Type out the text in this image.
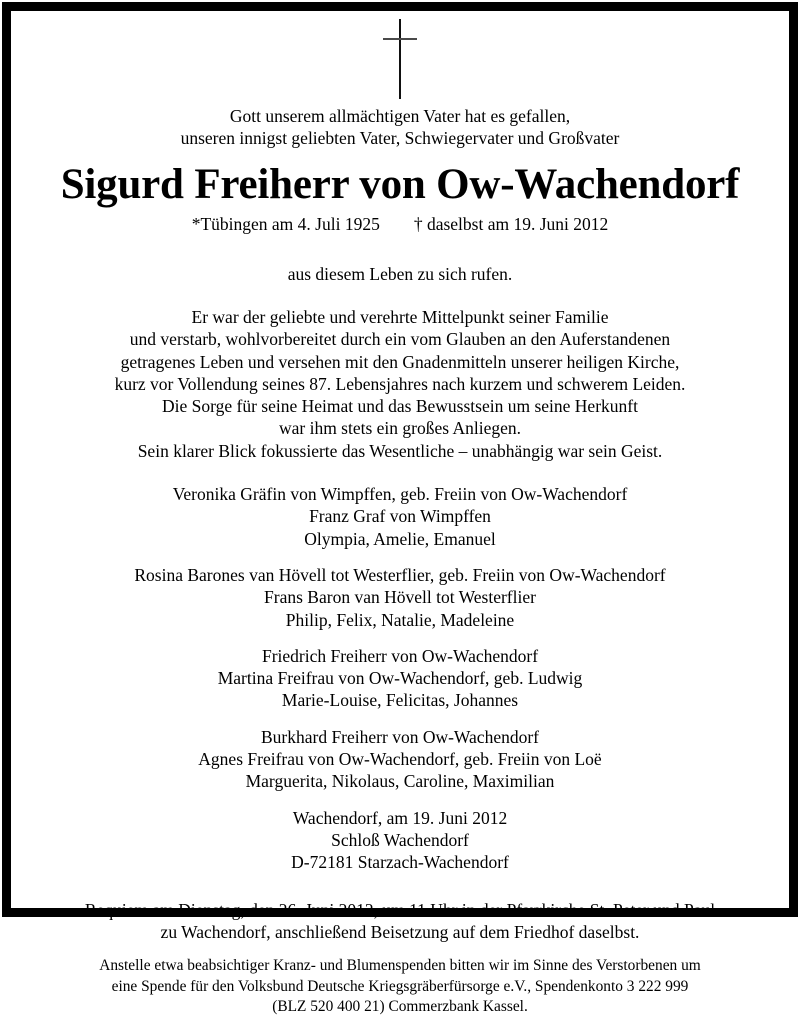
Gott unserem allmächtigen Vater hat es gefallen,
unseren innigst geliebten Vater, Schwiegervater und Großvater
Sigurd Freiherr von Ow-Wachendorf
*Tübingen am 4. Juli 1925 † daselbst am 19. Juni 2012
aus diesem Leben zu sich rufen.
Er war der geliebte und verehrte Mittelpunkt seiner Familie
und verstarb, wohlvorbereitet durch ein vom Glauben an den Auferstandenen
getragenes Leben und versehen mit den Gnadenmitteln unserer heiligen Kirche,
kurz vor Vollendung seines 87. Lebensjahres nach kurzem und schwerem Leiden.
Die Sorge für seine Heimat und das Bewusstsein um seine Herkunft
war ihm stets ein großes Anliegen.
Sein klarer Blick fokussierte das Wesentliche – unabhängig war sein Geist.
Veronika Gräfin von Wimpffen, geb. Freiin von Ow-Wachendorf
Franz Graf von Wimpffen
Olympia, Amelie, Emanuel
Rosina Barones van Hövell tot Westerflier, geb. Freiin von Ow-Wachendorf
Frans Baron van Hövell tot Westerflier
Philip, Felix, Natalie, Madeleine
Friedrich Freiherr von Ow-Wachendorf
Martina Freifrau von Ow-Wachendorf, geb. Ludwig
Marie-Louise, Felicitas, Johannes
Burkhard Freiherr von Ow-Wachendorf
Agnes Freifrau von Ow-Wachendorf, geb. Freiin von Loë
Marguerita, Nikolaus, Caroline, Maximilian
Wachendorf, am 19. Juni 2012
Schloß Wachendorf
D-72181 Starzach-Wachendorf
Requiem am Dienstag, den 26. Juni 2012, um 11 Uhr in der Pfarrkirche St. Peter und Paul
zu Wachendorf, anschließend Beisetzung auf dem Friedhof daselbst.
Anstelle etwa beabsichtiger Kranz- und Blumenspenden bitten wir im Sinne des Verstorbenen um
eine Spende für den Volksbund Deutsche Kriegsgräberfürsorge e.V., Spendenkonto 3 222 999
(BLZ 520 400 21) Commerzbank Kassel.
